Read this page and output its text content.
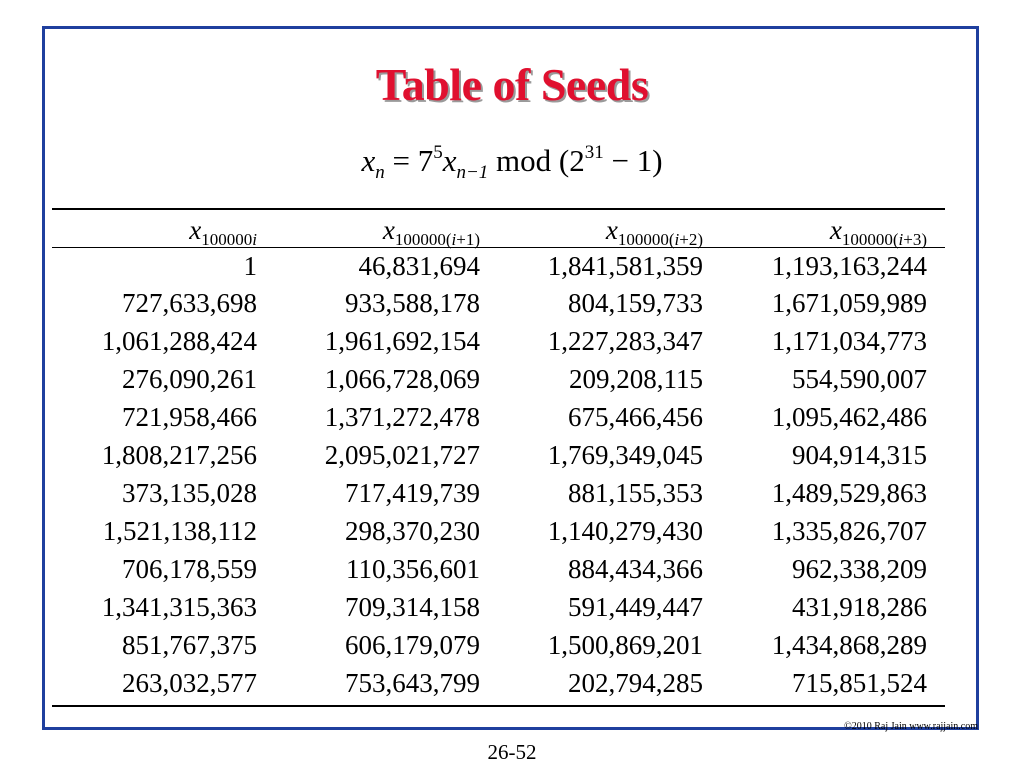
Table of Seeds
$x_n = 7^5x_{n-1}$ mod $(2^{31} - 1)$
$x_{100000i}$	$x_{100000(i+1)}$	$x_{100000(i+2)}$	$x_{100000(i+3)}$
1	46,831,694	1,841,581,359	1,193,163,244
727,633,698	933,588,178	804,159,733	1,671,059,989
1,061,288,424	1,961,692,154	1,227,283,347	1,171,034,773
276,090,261	1,066,728,069	209,208,115	554,590,007
721,958,466	1,371,272,478	675,466,456	1,095,462,486
1,808,217,256	2,095,021,727	1,769,349,045	904,914,315
373,135,028	717,419,739	881,155,353	1,489,529,863
1,521,138,112	298,370,230	1,140,279,430	1,335,826,707
706,178,559	110,356,601	884,434,366	962,338,209
1,341,315,363	709,314,158	591,449,447	431,918,286
851,767,375	606,179,079	1,500,869,201	1,434,868,289
263,032,577	753,643,799	202,794,285	715,851,524
©2010 Raj Jain www.rajjain.com
26-52
